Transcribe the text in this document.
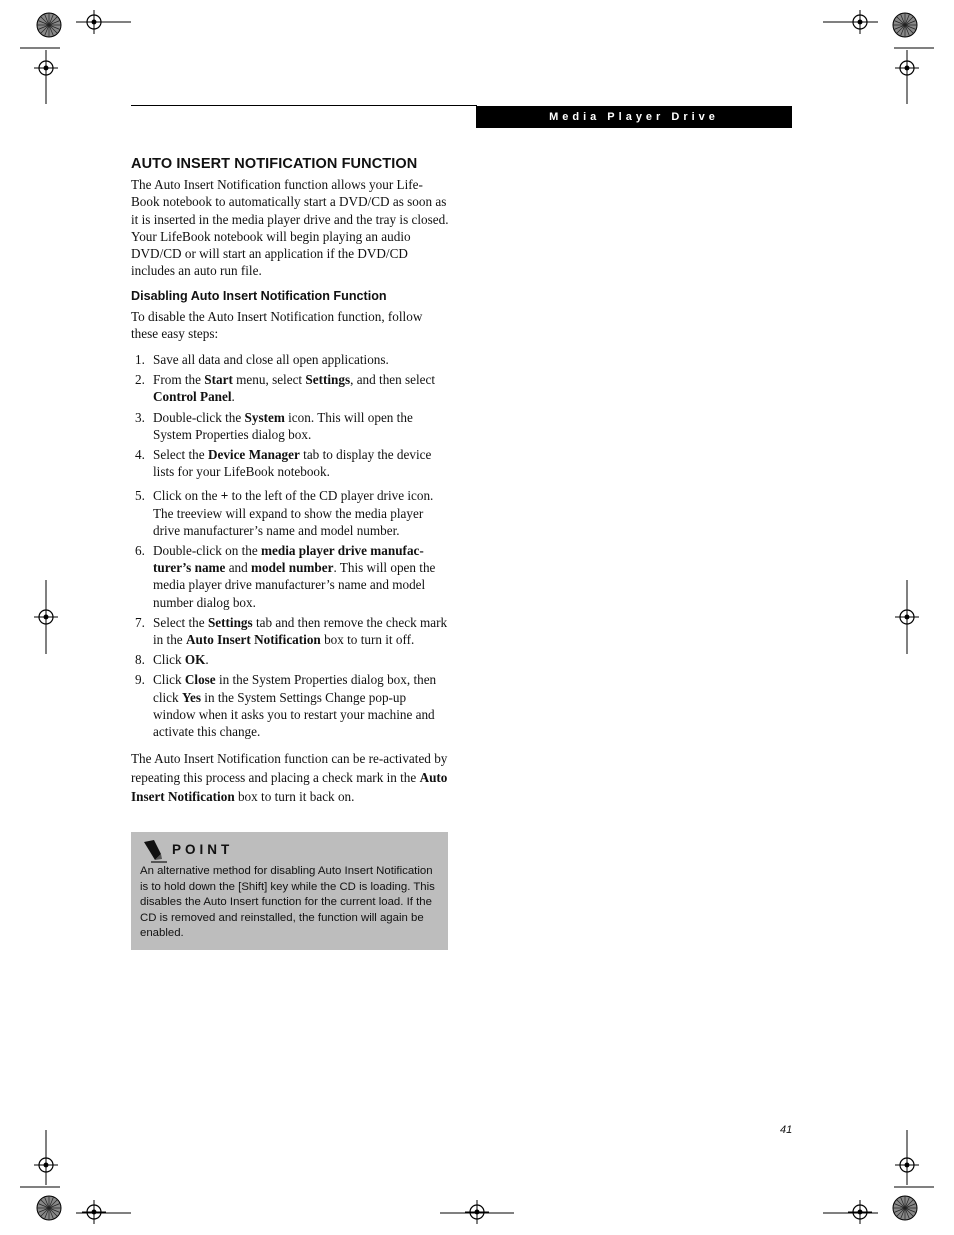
Media Player Drive
AUTO INSERT NOTIFICATION FUNCTION

The Auto Insert Notification function allows your Life-Book notebook to automatically start a DVD/CD as soon as it is inserted in the media player drive and the tray is closed. Your LifeBook notebook will begin playing an audio DVD/CD or will start an application if the DVD/CD includes an auto run file.

Disabling Auto Insert Notification Function

To disable the Auto Insert Notification function, follow these easy steps:

1. Save all data and close all open applications.
2. From the Start menu, select Settings, and then select Control Panel.
3. Double-click the System icon. This will open the System Properties dialog box.
4. Select the Device Manager tab to display the device lists for your LifeBook notebook.
5. Click on the + to the left of the CD player drive icon. The treeview will expand to show the media player drive manufacturer’s name and model number.
6. Double-click on the media player drive manufac-turer’s name and model number. This will open the media player drive manufacturer’s name and model number dialog box.
7. Select the Settings tab and then remove the check mark in the Auto Insert Notification box to turn it off.
8. Click OK.
9. Click Close in the System Properties dialog box, then click Yes in the System Settings Change pop-up window when it asks you to restart your machine and activate this change.

The Auto Insert Notification function can be re-activated by repeating this process and placing a check mark in the Auto Insert Notification box to turn it back on.

POINT
An alternative method for disabling Auto Insert Notification is to hold down the [Shift] key while the CD is loading. This disables the Auto Insert function for the current load. If the CD is removed and reinstalled, the function will again be enabled.
41
